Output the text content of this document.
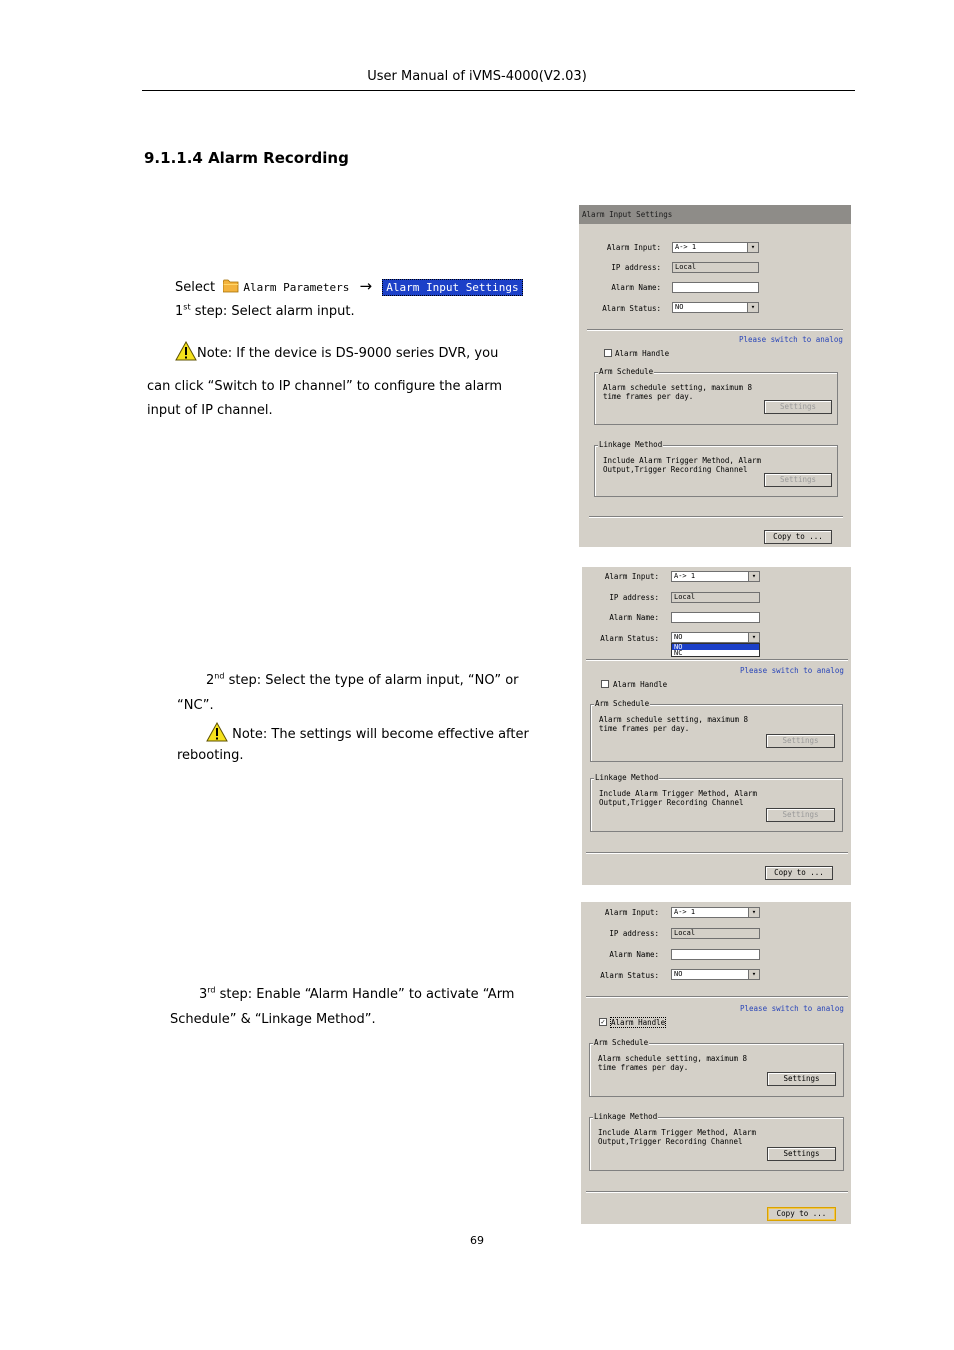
User Manual of iVMS-4000(V2.03)
9.1.1.4 Alarm Recording
Select	Alarm Parameters → Alarm Input Settings
1st step: Select alarm input.
Note: If the device is DS-9000 series DVR, you
can click “Switch to IP channel” to configure the alarm
input of IP channel.
2nd step: Select the type of alarm input, “NO” or
“NC”.
Note: The settings will become effective after
rebooting.
3rd step: Enable “Alarm Handle” to activate “Arm
Schedule” & “Linkage Method”.
Alarm Input Settings
Alarm Input:	A-> 1	▾
IP address:	Local
Alarm Name:
Alarm Status:	NO	▾
Please switch to analog
Alarm Handle
Arm Schedule
Alarm schedule setting, maximum 8
time frames per day.
Settings
Linkage Method
Include Alarm Trigger Method, Alarm
Output,Trigger Recording Channel
Settings
Copy to ...
Alarm Input:	A-> 1	▾
IP address:	Local
Alarm Name:
Alarm Status:	NO	▾
NO
NC
Please switch to analog
Alarm Handle
Arm Schedule
Alarm schedule setting, maximum 8
time frames per day.
Settings
Linkage Method
Include Alarm Trigger Method, Alarm
Output,Trigger Recording Channel
Settings
Copy to ...
Alarm Input:	A-> 1	▾
IP address:	Local
Alarm Name:
Alarm Status:	NO	▾
Please switch to analog
✓ Alarm Handle
Arm Schedule
Alarm schedule setting, maximum 8
time frames per day.
Settings
Linkage Method
Include Alarm Trigger Method, Alarm
Output,Trigger Recording Channel
Settings
Copy to ...
69
